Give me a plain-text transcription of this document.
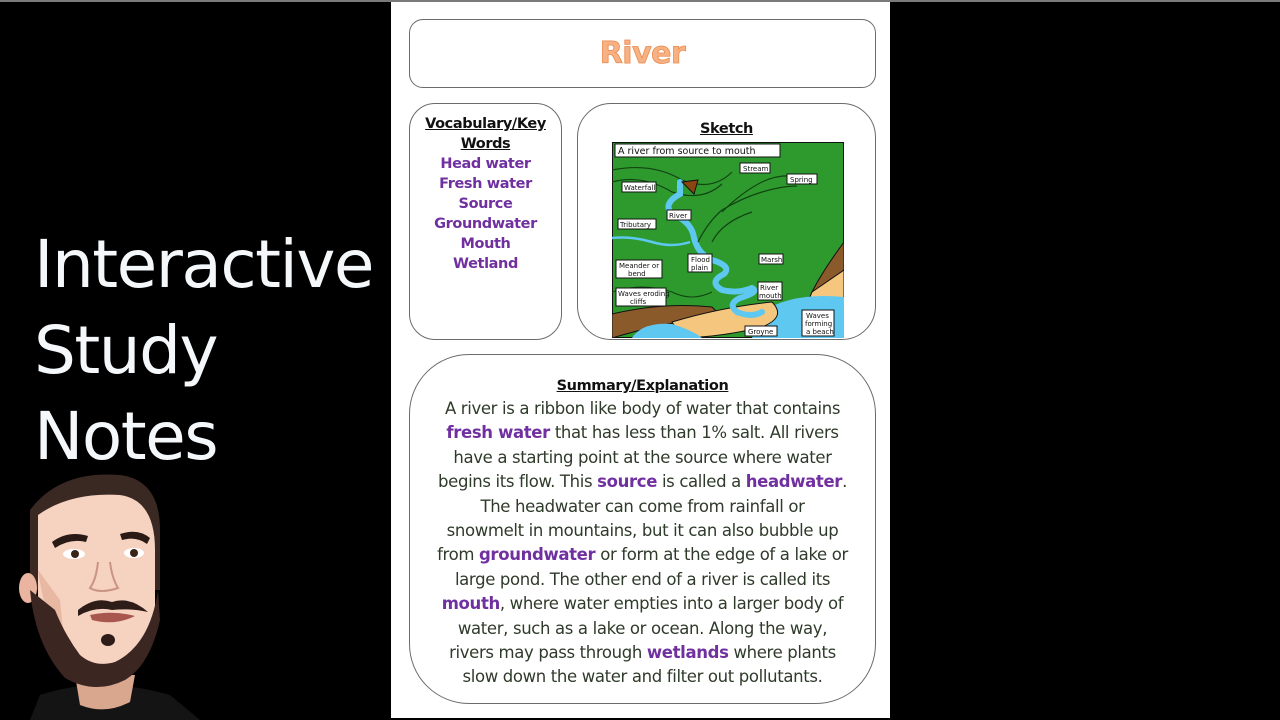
Interactive
Study
Notes
River
Vocabulary/Key
Words
Head water
Fresh water
Source
Groundwater
Mouth
Wetland
Sketch
A river from source to mouth
Stream
Spring
Waterfall
River
Tributary
Meander or
bend
Flood
plain
Marsh
Waves eroding
cliffs
River
mouth
Groyne
Waves
forming
a beach
Summary/Explanation
A river is a ribbon like body of water that contains
fresh water that has less than 1% salt. All rivers
have a starting point at the source where water
begins its flow. This source is called a headwater.
The headwater can come from rainfall or
snowmelt in mountains, but it can also bubble up
from groundwater or form at the edge of a lake or
large pond. The other end of a river is called its
mouth, where water empties into a larger body of
water, such as a lake or ocean. Along the way,
rivers may pass through wetlands where plants
slow down the water and filter out pollutants.
